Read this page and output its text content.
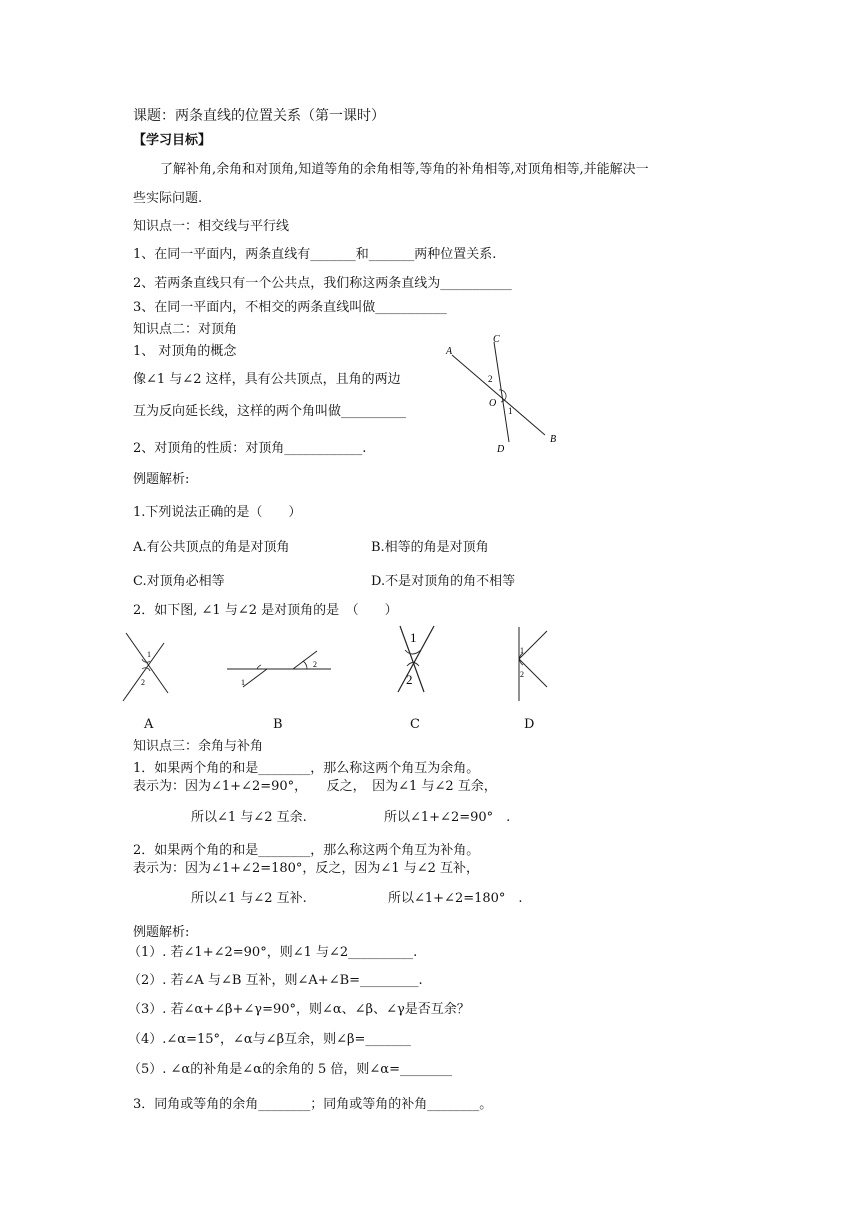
课题：两条直线的位置关系（第一课时）
【学习目标】
了解补角,余角和对顶角,知道等角的余角相等,等角的补角相等,对顶角相等,并能解决一
些实际问题.
知识点一：相交线与平行线
1、在同一平面内，两条直线有_______和_______两种位置关系.
2、若两条直线只有一个公共点，我们称这两条直线为___________
3、在同一平面内，不相交的两条直线叫做___________
知识点二：对顶角
1、 对顶角的概念
像∠1 与∠2 这样，具有公共顶点，且角的两边
互为反向延长线，这样的两个角叫做__________
2、对顶角的性质：对顶角____________.
A
C
O
2
1
B
D
例题解析:
1.下列说法正确的是（　　）
A.有公共顶点的角是对顶角	B.相等的角是对顶角
C.对顶角必相等	D.不是对顶角的角不相等
2．如下图, ∠1 与∠2 是对顶角的是　（　　）
1
2	1
2
1
2
1
2
A	B	C	D
知识点三：余角与补角
1．如果两个角的和是________，那么称这两个角互为余角。
表示为：因为∠1+∠2=90°，　　反之，　因为∠1 与∠2 互余，
所以∠1 与∠2 互余.	所以∠1+∠2=90°　.
2．如果两个角的和是________，那么称这两个角互为补角。
表示为：因为∠1+∠2=180°，反之，因为∠1 与∠2 互补，
所以∠1 与∠2 互补.	所以∠1+∠2=180°　.
例题解析:
（1）. 若∠1+∠2=90°，则∠1 与∠2__________.
（2）. 若∠A 与∠B 互补，则∠A+∠B=_________.
（3）. 若∠α+∠β+∠γ=90°，则∠α、∠β、∠γ是否互余？
（4）.∠α=15°，∠α与∠β互余，则∠β=_______
（5）. ∠α的补角是∠α的余角的 5 倍，则∠α=________
3．同角或等角的余角________；同角或等角的补角________。
